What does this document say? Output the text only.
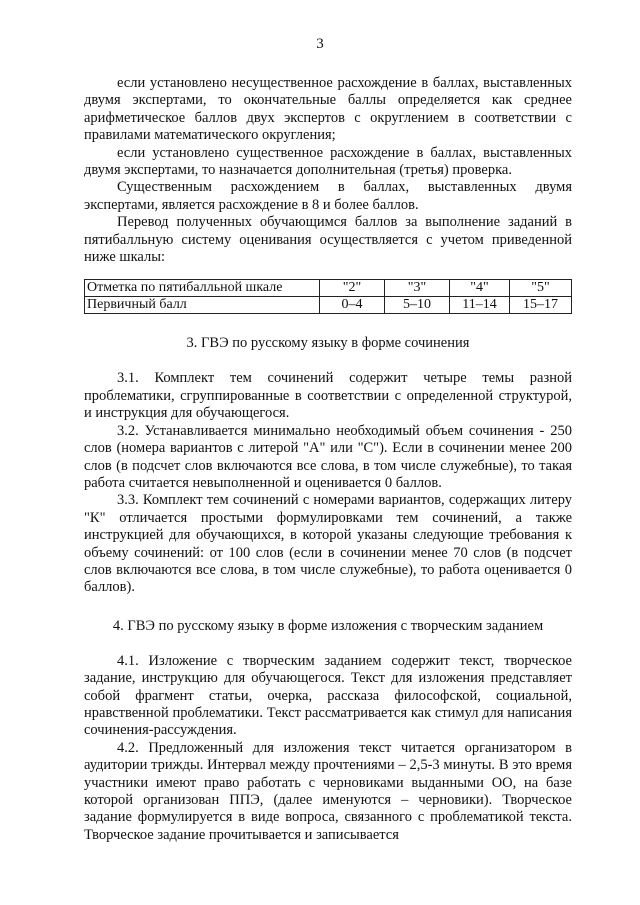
3

если установлено несущественное расхождение в баллах, выставленных двумя экспертами, то окончательные баллы определяется как среднее арифметическое баллов двух экспертов с округлением в соответствии с правилами математического округления;

если установлено существенное расхождение в баллах, выставленных двумя экспертами, то назначается дополнительная (третья) проверка.

Существенным расхождением в баллах, выставленных двумя экспертами, является расхождение в 8 и более баллов.

Перевод полученных обучающимся баллов за выполнение заданий в пятибалльную систему оценивания осуществляется с учетом приведенной ниже шкалы:

Отметка по пятибалльной шкале	"2"	"3"	"4"	"5"
Первичный балл	0–4	5–10	11–14	15–17

3. ГВЭ по русскому языку в форме сочинения

3.1. Комплект тем сочинений содержит четыре темы разной проблематики, сгруппированные в соответствии с определенной структурой, и инструкция для обучающегося.

3.2. Устанавливается минимально необходимый объем сочинения - 250 слов (номера вариантов с литерой "А" или "С"). Если в сочинении менее 200 слов (в подсчет слов включаются все слова, в том числе служебные), то такая работа считается невыполненной и оценивается 0 баллов.

3.3. Комплект тем сочинений с номерами вариантов, содержащих литеру "К" отличается простыми формулировками тем сочинений, а также инструкцией для обучающихся, в которой указаны следующие требования к объему сочинений: от 100 слов (если в сочинении менее 70 слов (в подсчет слов включаются все слова, в том числе служебные), то работа оценивается 0 баллов).

4. ГВЭ по русскому языку в форме изложения с творческим заданием

4.1. Изложение с творческим заданием содержит текст, творческое задание, инструкцию для обучающегося. Текст для изложения представляет собой фрагмент статьи, очерка, рассказа философской, социальной, нравственной проблематики. Текст рассматривается как стимул для написания сочинения-рассуждения.

4.2. Предложенный для изложения текст читается организатором в аудитории трижды. Интервал между прочтениями – 2,5-3 минуты. В это время участники имеют право работать с черновиками выданными ОО, на базе которой организован ППЭ, (далее именуются – черновики). Творческое задание формулируется в виде вопроса, связанного с проблематикой текста. Творческое задание прочитывается и записывается
